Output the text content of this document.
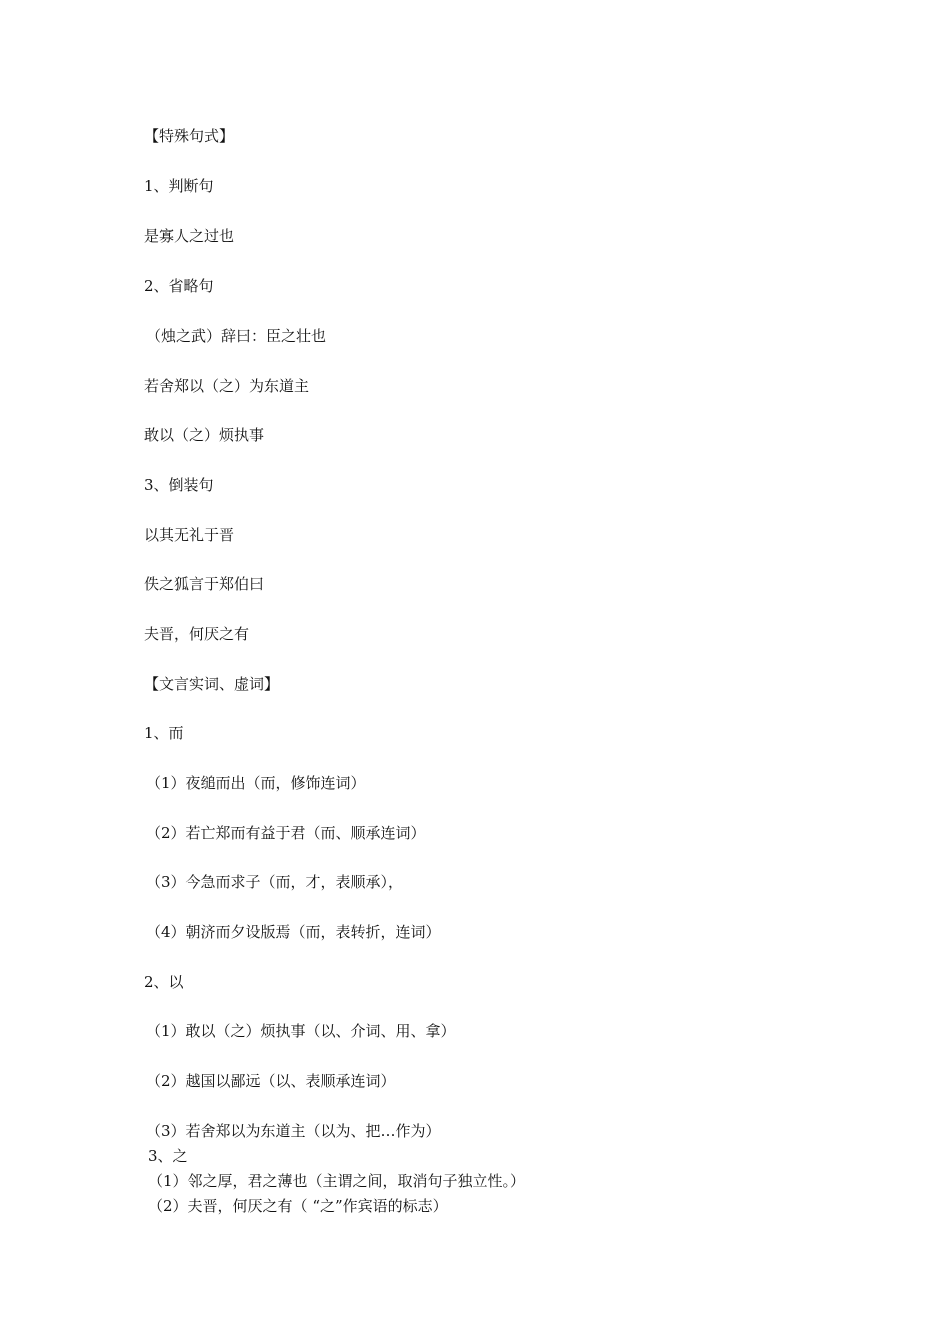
【特殊句式】
1、判断句
是寡人之过也
2、省略句
（烛之武）辞曰：臣之壮也
若舍郑以（之）为东道主
敢以（之）烦执事
3、倒装句
以其无礼于晋
佚之狐言于郑伯曰
夫晋，何厌之有
【文言实词、虚词】
1、而
（1）夜缒而出（而，修饰连词）
（2）若亡郑而有益于君（而、顺承连词）
（3）今急而求子（而，才，表顺承），
（4）朝济而夕设版焉（而，表转折，连词）
2、以
（1）敢以（之）烦执事（以、介词、用、拿）
（2）越国以鄙远（以、表顺承连词）
（3）若舍郑以为东道主（以为、把…作为）
3、之
（1）邻之厚，君之薄也（主谓之间，取消句子独立性。）
（2）夫晋，何厌之有（ “之”作宾语的标志）
